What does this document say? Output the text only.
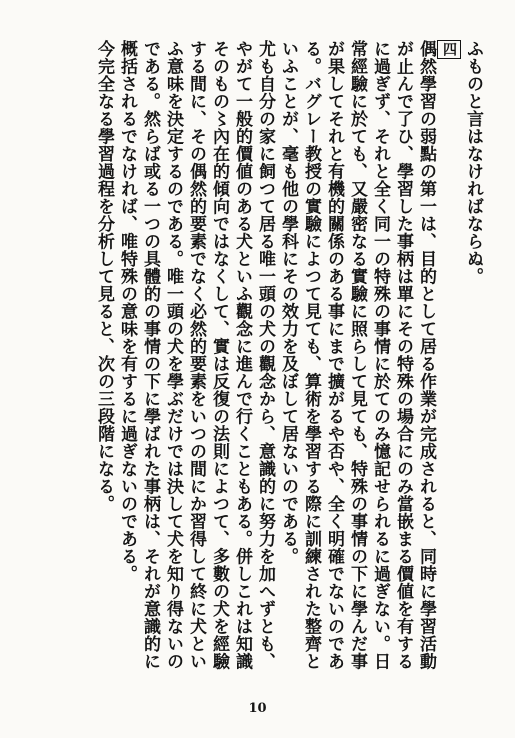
ふものと言はなければならぬ。

四

偶然學習の弱點の第一は、目的として居る作業が完成されると、同時に學習活動が止んで了ひ、學習した事柄は單にその特殊の場合にのみ當嵌まる價値を有するに過ぎず、それと全く同一の特殊の事情に於てのみ憶記せられるに過ぎない。日常經驗に於ても、又嚴密なる實驗に照らして見ても、特殊の事情の下に學んだ事が果してそれと有機的關係のある事にまで擴がるや否や、全く明確でないのである。バグレー教授の實驗によつて見ても、算術を學習する際に訓練された整齊といふことが、毫も他の學科にその效力を及ぼして居ないのである。

尤も自分の家に飼つて居る唯一頭の犬の觀念から、意識的に努力を加へずとも、やがて一般的價値のある犬といふ觀念に進んで行くこともある。併しこれは知識そのもの〻內在的傾向ではなくして、實は反復の法則によつて、多數の犬を經驗する間に、その偶然的要素でなく必然的要素をいつの間にか習得して終に犬といふ意味を決定するのである。唯一頭の犬を學ぶだけでは決して犬を知り得ないのである。然らば或る一つの具體的の事情の下に學ばれた事柄は、それが意識的に概括されるでなければ、唯特殊の意味を有するに過ぎないのである。

今完全なる學習過程を分析して見ると、次の三段階になる。

10
